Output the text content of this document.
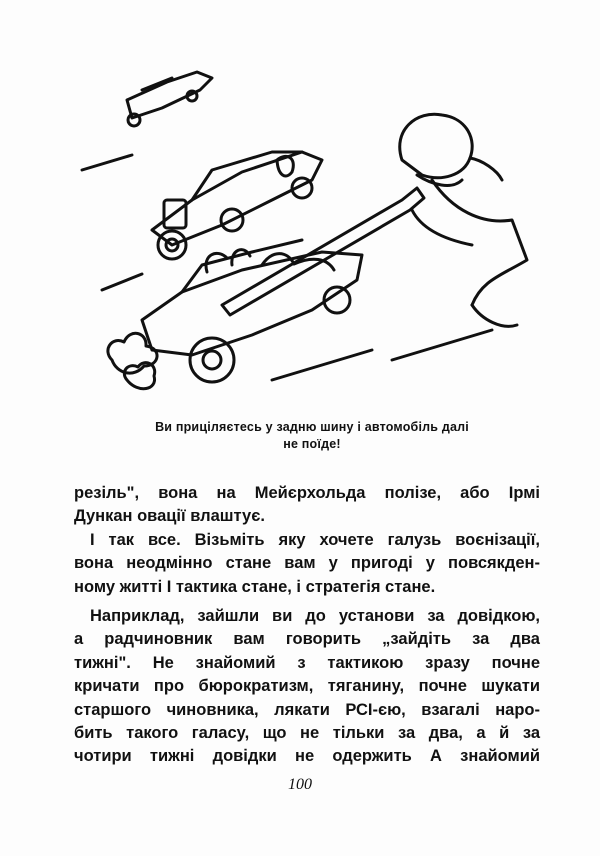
Ви приціляєтесь у задню шину і автомобіль далі
не поїде!
резіль", вона на Мейєрхольда полізе, або Ірмі
Дункан овації влаштує.
І так все. Візьміть яку хочете галузь воєнізації,
вона неодмінно стане вам у пригоді у повсякден-
ному житті І тактика стане, і стратегія стане.
Наприклад, зайшли ви до установи за довідкою,
а радчиновник вам говорить „зайдіть за два
тижні". Не знайомий з тактикою зразу почне
кричати про бюрократизм, тяганину, почне шукати
старшого чиновника, лякати РСІ-єю, взагалі наро-
бить такого галасу, що не тільки за два, а й за
чотири тижні довідки не одержить А знайомий
100
